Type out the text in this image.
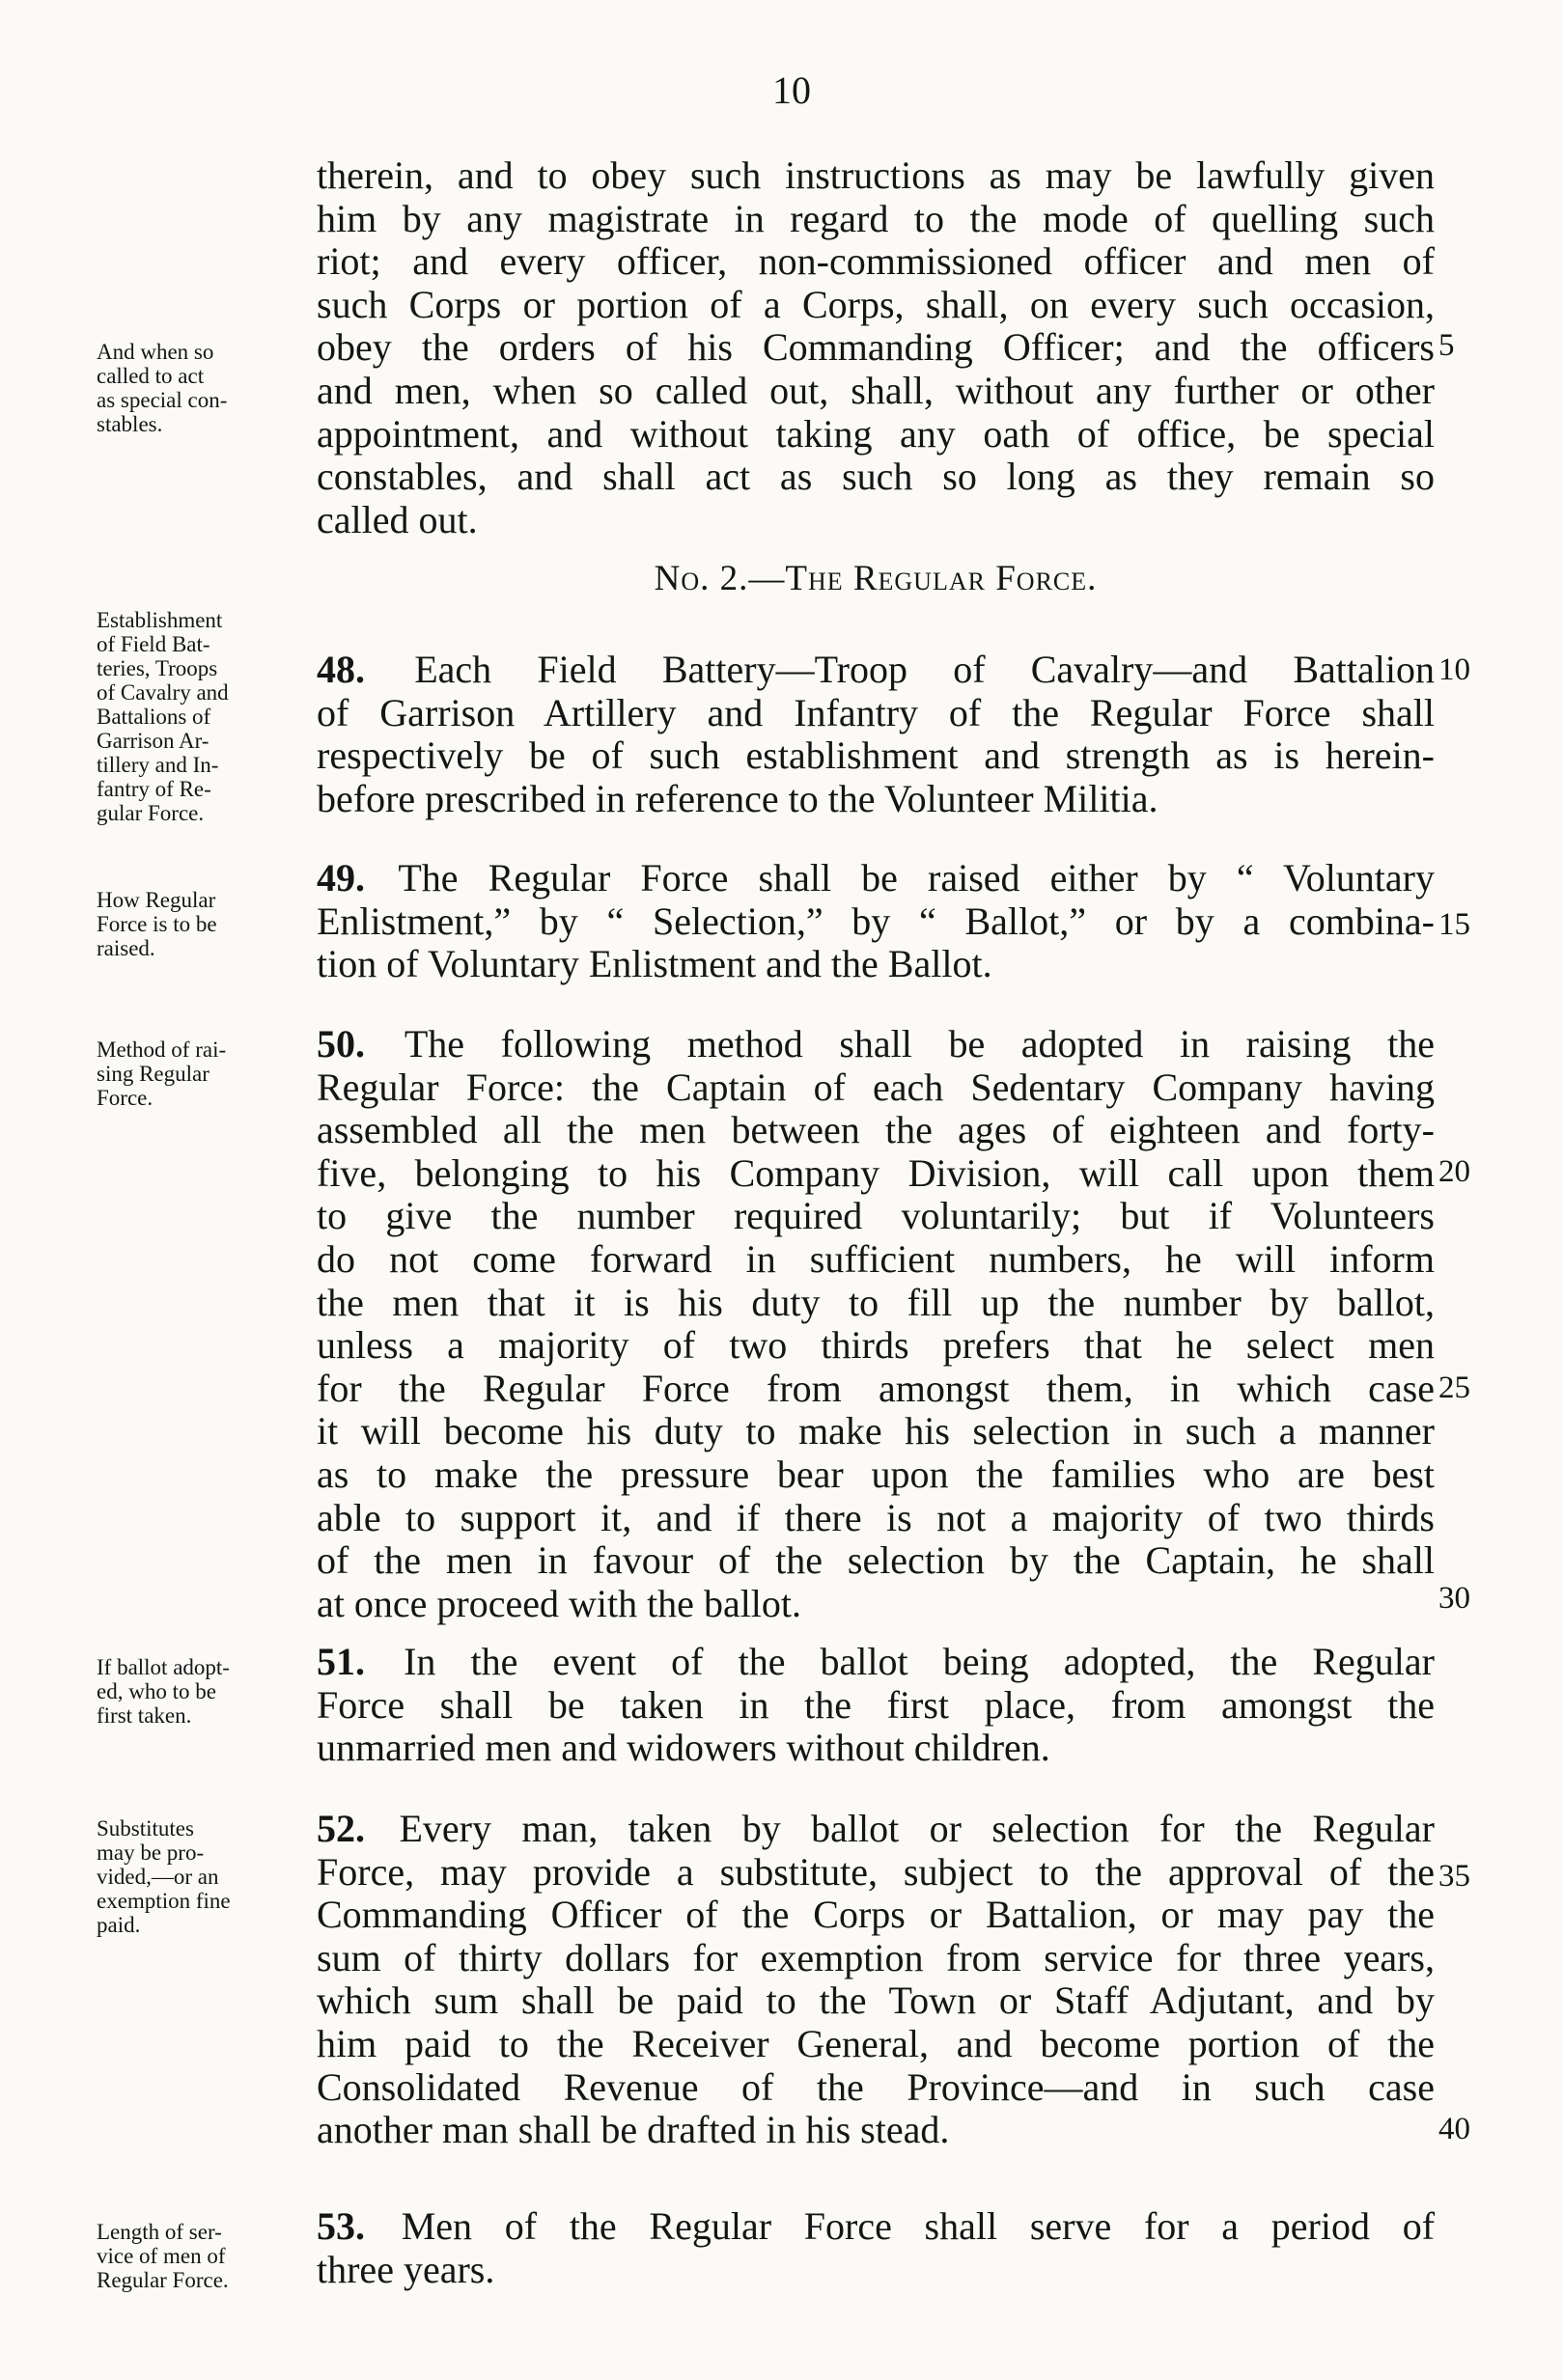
10
therein, and to obey such instructions as may be lawfully given
him by any magistrate in regard to the mode of quelling such
riot; and every officer, non-commissioned officer and men of
such Corps or portion of a Corps, shall, on every such occasion,
obey the orders of his Commanding Officer; and the officers
and men, when so called out, shall, without any further or other
appointment, and without taking any oath of office, be special
constables, and shall act as such so long as they remain so
called out.
No. 2.—The Regular Force.
48. Each Field Battery—Troop of Cavalry—and Battalion
of Garrison Artillery and Infantry of the Regular Force shall
respectively be of such establishment and strength as is herein-
before prescribed in reference to the Volunteer Militia.
49. The Regular Force shall be raised either by “ Voluntary
Enlistment,” by “ Selection,” by “ Ballot,” or by a combina-
tion of Voluntary Enlistment and the Ballot.
50. The following method shall be adopted in raising the
Regular Force: the Captain of each Sedentary Company having
assembled all the men between the ages of eighteen and forty-
five, belonging to his Company Division, will call upon them
to give the number required voluntarily; but if Volunteers
do not come forward in sufficient numbers, he will inform
the men that it is his duty to fill up the number by ballot,
unless a majority of two thirds prefers that he select men
for the Regular Force from amongst them, in which case
it will become his duty to make his selection in such a manner
as to make the pressure bear upon the families who are best
able to support it, and if there is not a majority of two thirds
of the men in favour of the selection by the Captain, he shall
at once proceed with the ballot.
51. In the event of the ballot being adopted, the Regular
Force shall be taken in the first place, from amongst the
unmarried men and widowers without children.
52. Every man, taken by ballot or selection for the Regular
Force, may provide a substitute, subject to the approval of the
Commanding Officer of the Corps or Battalion, or may pay the
sum of thirty dollars for exemption from service for three years,
which sum shall be paid to the Town or Staff Adjutant, and by
him paid to the Receiver General, and become portion of the
Consolidated Revenue of the Province—and in such case
another man shall be drafted in his stead.
53. Men of the Regular Force shall serve for a period of
three years.
And when so
called to act
as special con-
stables.
Establishment
of Field Bat-
teries, Troops
of Cavalry and
Battalions of
Garrison Ar-
tillery and In-
fantry of Re-
gular Force.
How Regular
Force is to be
raised.
Method of rai-
sing Regular
Force.
If ballot adopt-
ed, who to be
first taken.
Substitutes
may be pro-
vided,—or an
exemption fine
paid.
Length of ser-
vice of men of
Regular Force.
5
10
15
20
25
30
35
40
